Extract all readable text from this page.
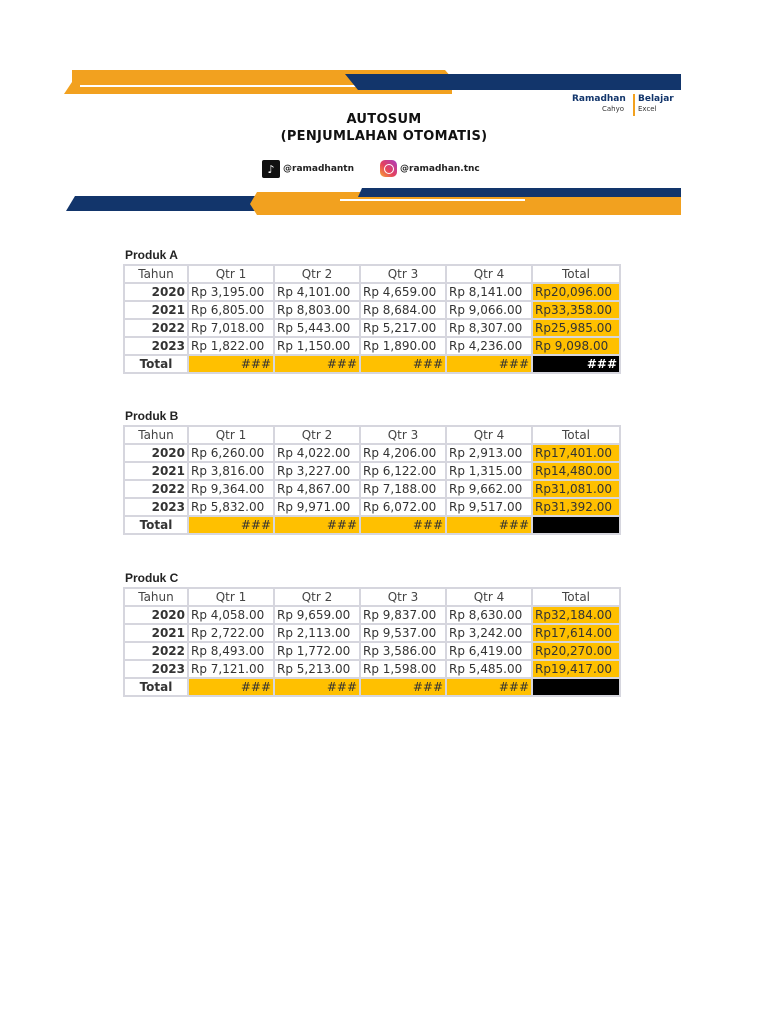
Ramadhan
Cahyo
Belajar
Excel
AUTOSUM
(PENJUMLAHAN OTOMATIS)
♪ @ramadhantn	@ramadhan.tnc
Produk A
Tahun	Qtr 1	Qtr 2	Qtr 3	Qtr 4	Total
2020	Rp 3,195.00	Rp 4,101.00	Rp 4,659.00	Rp 8,141.00	Rp20,096.00
2021	Rp 6,805.00	Rp 8,803.00	Rp 8,684.00	Rp 9,066.00	Rp33,358.00
2022	Rp 7,018.00	Rp 5,443.00	Rp 5,217.00	Rp 8,307.00	Rp25,985.00
2023	Rp 1,822.00	Rp 1,150.00	Rp 1,890.00	Rp 4,236.00	Rp 9,098.00
Total	###	###	###	###	###
Produk B
Tahun	Qtr 1	Qtr 2	Qtr 3	Qtr 4	Total
2020	Rp 6,260.00	Rp 4,022.00	Rp 4,206.00	Rp 2,913.00	Rp17,401.00
2021	Rp 3,816.00	Rp 3,227.00	Rp 6,122.00	Rp 1,315.00	Rp14,480.00
2022	Rp 9,364.00	Rp 4,867.00	Rp 7,188.00	Rp 9,662.00	Rp31,081.00
2023	Rp 5,832.00	Rp 9,971.00	Rp 6,072.00	Rp 9,517.00	Rp31,392.00
Total	###	###	###	###	
Produk C
Tahun	Qtr 1	Qtr 2	Qtr 3	Qtr 4	Total
2020	Rp 4,058.00	Rp 9,659.00	Rp 9,837.00	Rp 8,630.00	Rp32,184.00
2021	Rp 2,722.00	Rp 2,113.00	Rp 9,537.00	Rp 3,242.00	Rp17,614.00
2022	Rp 8,493.00	Rp 1,772.00	Rp 3,586.00	Rp 6,419.00	Rp20,270.00
2023	Rp 7,121.00	Rp 5,213.00	Rp 1,598.00	Rp 5,485.00	Rp19,417.00
Total	###	###	###	###	
